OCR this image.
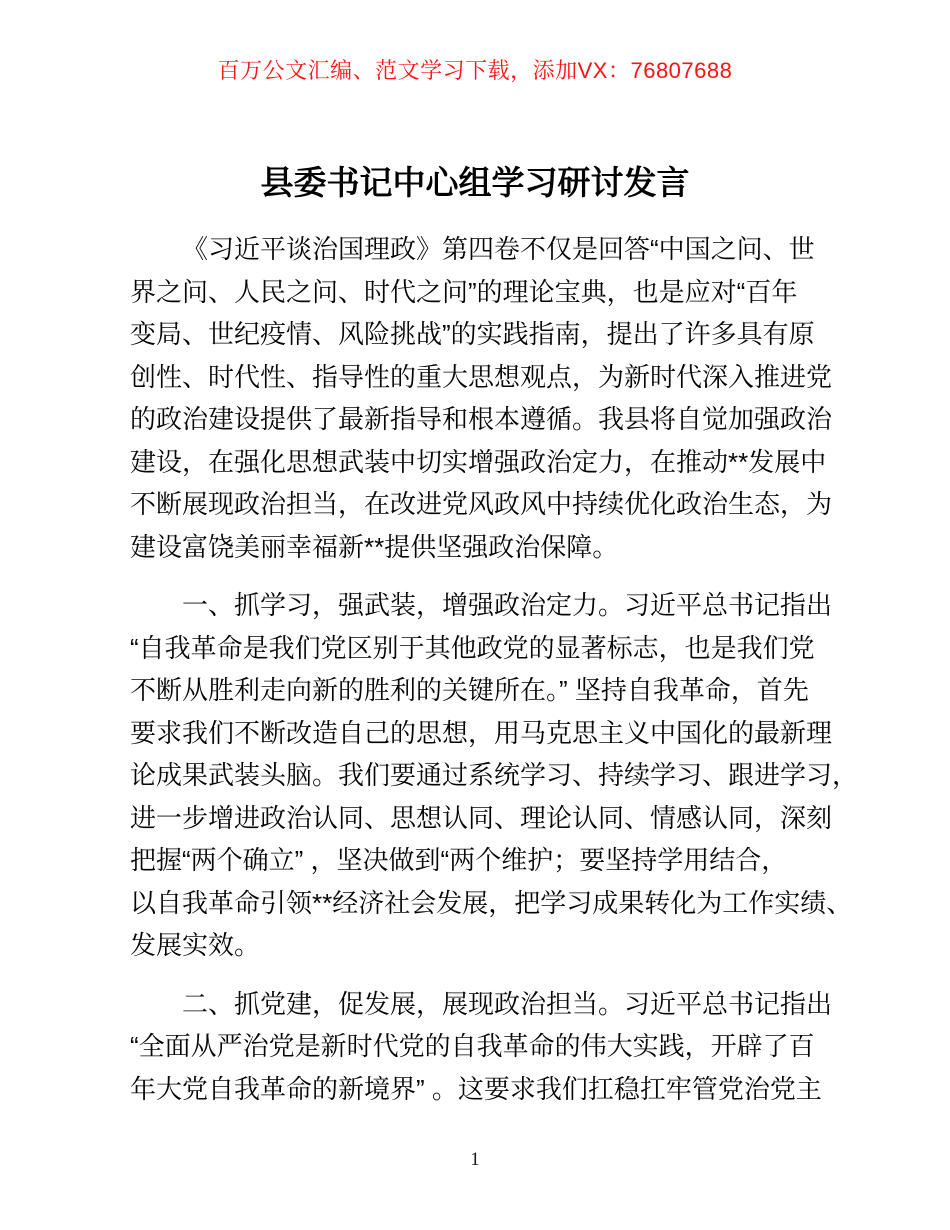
百万公文汇编、范文学习下载，添加VX：76807688
县委书记中心组学习研讨发言

《习近平谈治国理政》第四卷不仅是回答“中国之问、世
界之问、人民之问、时代之问”的理论宝典，也是应对“百年
变局、世纪疫情、风险挑战”的实践指南，提出了许多具有原
创性、时代性、指导性的重大思想观点，为新时代深入推进党
的政治建设提供了最新指导和根本遵循。我县将自觉加强政治
建设，在强化思想武装中切实增强政治定力，在推动**发展中
不断展现政治担当，在改进党风政风中持续优化政治生态，为
建设富饶美丽幸福新**提供坚强政治保障。

一、抓学习，强武装，增强政治定力。习近平总书记指出
“自我革命是我们党区别于其他政党的显著标志，也是我们党
不断从胜利走向新的胜利的关键所在。” 坚持自我革命，首先
要求我们不断改造自己的思想，用马克思主义中国化的最新理
论成果武装头脑。我们要通过系统学习、持续学习、跟进学习，
进一步增进政治认同、思想认同、理论认同、情感认同，深刻
把握“两个确立” ，坚决做到“两个维护；要坚持学用结合，
以自我革命引领**经济社会发展，把学习成果转化为工作实绩、
发展实效。

二、抓党建，促发展，展现政治担当。习近平总书记指出
“全面从严治党是新时代党的自我革命的伟大实践，开辟了百
年大党自我革命的新境界” 。这要求我们扛稳扛牢管党治党主

1
